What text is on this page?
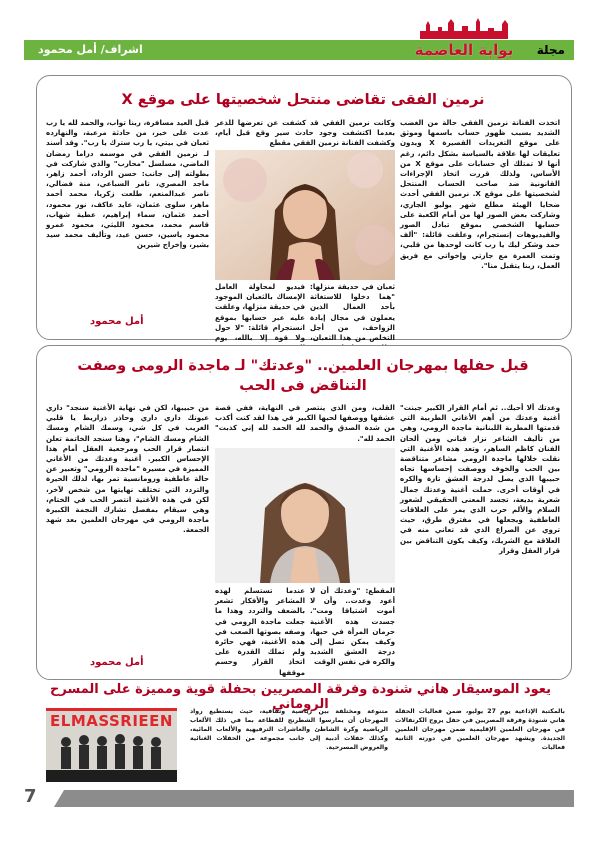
مجلة
اشراف/ أمل محمود	بوابة العاصمة
نرمين الفقى تقاضى منتحل شخصيتها على موقع X
اتخذت الفنانة نرمين الفقي حالة من الغضب الشديد بسبب ظهور حساب باسمها وموثق على موقع التغريدات القصيرة X ويدون تعليقات لها علاقة بالسياسة بشكل دائم، رغم أنها لا تمتلك أي حسابات على موقع X من الأساس، ولذلك قررت اتخاذ الإجراءات القانونية ضد صاحب الحساب المنتحل لشخصيتها على موقع X. نرمين الفقي أحدث ضحايا الهيئة مطلع شهر يوليو الجاري، وشاركت بعض الصور لها من أمام الكعبة على حسابها الشخصي بموقع تبادل الصور والفيديوهات إنستجرام، وعلقت قائلة: "ألف حمد وشكر ليك يا رب كانت لوحدها من قلبي، وتمت العمرة مع جارتي وإخواتي مع فريق العمل، ربنا يتقبل منا".
وكانت نرمين الفقي قد كشفت عن تعرضها للذعر بعدما اكتشفت وجود حادث سير وقع قبل أيام، وكشفت الفنانة نرمين الفقي مقطع
ثعبان في حديقة منزلها: "هما دخلوا للاستغاثة بأحد العمال الذين يعملون في مجال إبادة الزواحف، من أجل التخلص من هذا الثعبان،
فيديو لمحاولة العامل الإمساك بالثعبان الموجود في حديقة منزلها، وعلقت عليه عبر حسابها بموقع انستجرام قائلة: "لا حول ولا قوة إلا بالله، يوم
قبل العيد مسافرة، ربنا تواب، والحمد لله يا رب عدت على خير، من حادثة مرعبة، والنهارده ثعبان في بيتي، يا رب سترك يا رب". وقد أسند لـ نرمين الفقي في موسمه دراما رمضان الماضي، مسلسل "محارب" والذي شاركت في بطولته إلى جانب: حسن الرداد، أحمد زاهر، ماجد المصري، تامر السباعي، منة فضالي، ناصر عبدالمنعم، طلعت زكريا، محمد أحمد ماهر، سلوى عثمان، عايد عاكف، نور محمود، أحمد عثمان، سماء إبراهيم، عطية شهاب، قاسم محمد، محمود الليثي، محمود عمرو محمود ياسين، حسن عيد، وتأليف محمد سيد بشير، وإخراج شيرين
أمل محمود
قبل حفلها بمهرجان العلمين.. "وعدتك" لـ ماجدة الرومى وصفت
التناقض فى الحب
وعدتك ألا أحبك.. ثم أمام القرار الكبير جبنت" أغنية وعدتك من أهم الأغاني الطربية التي قدمتها المطربة اللبنانية ماجدة الرومي، وهي من تأليف الشاعر نزار قباني ومن ألحان الفنان كاظم الساهر، وتعد هذه الأغنية التي نقلت خلالها ماجدة الرومي مشاعر متناقضة بين الحب والخوف ووصفت إحساسها تجاه حبيبها الذي يصل لدرجة العشق تارة والكره في أوقات أخرى. حملت أغنية وعدتك جمال شعرية بديعة، تجسد المعنى الحقيقي لشعور السلام والألم حرب الذي يمر على العلاقات العاطفية ويجعلها في مفترق طرق، حيث تروي عن الصراع الذي قد تعاني منه في العلاقة مع الشريك، وكيف يكون التناقض بين قرار العقل وقرار
القلب، ومن الذي ينتصر في النهاية، ففي قصة عشقها ووصفها لحبها الكبير في هذا لقد كنت أكذب من شدة الصدق والحمد لله الحمد لله إني كذبت" الحمد لله".
المقطع: "وعدتك أن لا أعود وعدت.. وأن لا أموت اشتياقا ومت". جسدت هذه الأغنية حرمان المرأة في حبها، وكيف يمكن تصل إلى درجة العشق الشديد والكره في نفس الوقت
عندما تستسلم لهذه المشاعر والأفكار تشعر بالضعف والتردد وهذا ما جعلت ماجدة الرومي في وصفه بصوتها الصعب في هذه الأغنية، فهي حائرة ولم تملك القدرة على اتخاذ القرار وحسم موقفها
من حبيبها، لكن في نهاية الأغنية سنجد" داري عيونك داري داري وحاذر ذراريط يا قلبي الغريب في كل شي، وسمك الشام ومسك الشام ومسك الشام"، وهنا سنجد الخاتمة تعلن انتصار قرار الحب ومرجعية العقل أمام هذا الإحساس الكبير. أغنية وعدتك من الأغاني المميزة في مسيرة "ماجدة الرومي" وتعبير عن حالة عاطفية ورومانسية تمر بها، لذلك الحيرة والتردد التي تختلف نهايتها من شخص لآخر، لكن في هذه الأغنية انتصر الحب في الختام، وهي سيقام بمفصل تشارك النجمة الكبيرة ماجدة الرومي في مهرجان العلمين بعد شهد الجمعة.
أمل محمود
يعود الموسيقار هاني شنودة وفرقة المصريين بحفلة قوية ومميزة على المسرح الروماني	بالمكتبة الإذاعية يوم 27 يوليو، ضمن فعاليات الحفلة هاني شنودة وفرقة المصريين في حفل يروج الكرنفالات في مهرجان العلمين الإقليمية ضمن مهرجان العلمين الجديدة. ويشهد مهرجان العلمين في دورته الثانية فعاليات
متنوعة ومختلفة بين رياضية وثقافية، حيث يستطيع رواد المهرجان أن يمارسوا الشطرنج للقطاعة بما في ذلك الألعاب الرياضية وكرة الشاطئ والعاشرات الترفيهية والألعاب المائية، وكذلك حفلات أدبية إلى جانب مجموعة من الحفلات الغنائية والعروض المسرحية.
ELMASSRIEEN
7
